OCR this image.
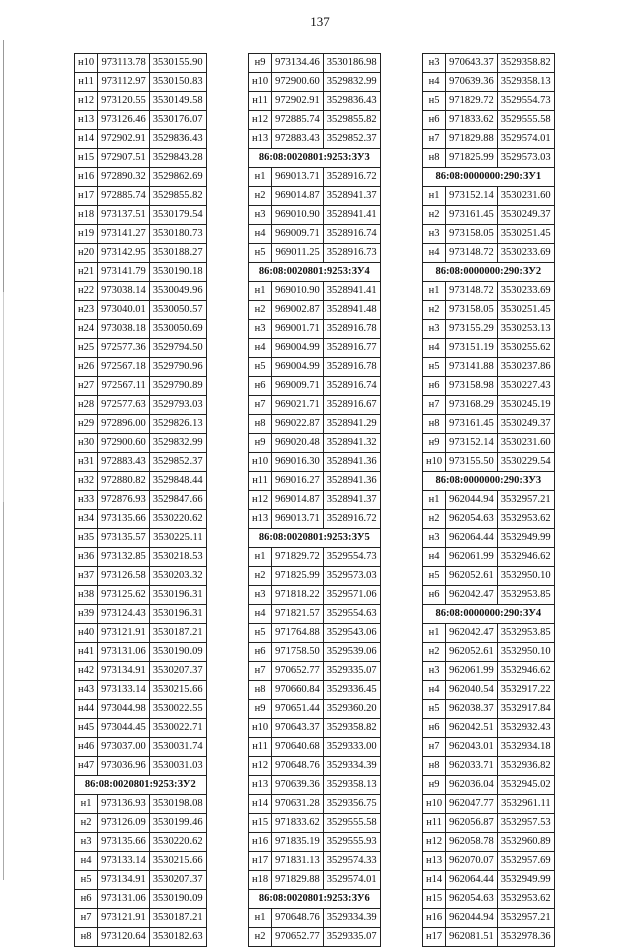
137
н10	973113.78	3530155.90
н11	973112.97	3530150.83
н12	973120.55	3530149.58
н13	973126.46	3530176.07
н14	972902.91	3529836.43
н15	972907.51	3529843.28
н16	972890.32	3529862.69
н17	972885.74	3529855.82
н18	973137.51	3530179.54
н19	973141.27	3530180.73
н20	973142.95	3530188.27
н21	973141.79	3530190.18
н22	973038.14	3530049.96
н23	973040.01	3530050.57
н24	973038.18	3530050.69
н25	972577.36	3529794.50
н26	972567.18	3529790.96
н27	972567.11	3529790.89
н28	972577.63	3529793.03
н29	972896.00	3529826.13
н30	972900.60	3529832.99
н31	972883.43	3529852.37
н32	972880.82	3529848.44
н33	972876.93	3529847.66
н34	973135.66	3530220.62
н35	973135.57	3530225.11
н36	973132.85	3530218.53
н37	973126.58	3530203.32
н38	973125.62	3530196.31
н39	973124.43	3530196.31
н40	973121.91	3530187.21
н41	973131.06	3530190.09
н42	973134.91	3530207.37
н43	973133.14	3530215.66
н44	973044.98	3530022.55
н45	973044.45	3530022.71
н46	973037.00	3530031.74
н47	973036.96	3530031.03
86:08:0020801:9253:ЗУ2		
н1	973136.93	3530198.08
н2	973126.09	3530199.46
н3	973135.66	3530220.62
н4	973133.14	3530215.66
н5	973134.91	3530207.37
н6	973131.06	3530190.09
н7	973121.91	3530187.21
н8	973120.64	3530182.63
н9	973134.46	3530186.98
н10	972900.60	3529832.99
н11	972902.91	3529836.43
н12	972885.74	3529855.82
н13	972883.43	3529852.37
86:08:0020801:9253:ЗУ3		
н1	969013.71	3528916.72
н2	969014.87	3528941.37
н3	969010.90	3528941.41
н4	969009.71	3528916.74
н5	969011.25	3528916.73
86:08:0020801:9253:ЗУ4		
н1	969010.90	3528941.41
н2	969002.87	3528941.48
н3	969001.71	3528916.78
н4	969004.99	3528916.77
н5	969004.99	3528916.78
н6	969009.71	3528916.74
н7	969021.71	3528916.67
н8	969022.87	3528941.29
н9	969020.48	3528941.32
н10	969016.30	3528941.36
н11	969016.27	3528941.36
н12	969014.87	3528941.37
н13	969013.71	3528916.72
86:08:0020801:9253:ЗУ5		
н1	971829.72	3529554.73
н2	971825.99	3529573.03
н3	971818.22	3529571.06
н4	971821.57	3529554.63
н5	971764.88	3529543.06
н6	971758.50	3529539.06
н7	970652.77	3529335.07
н8	970660.84	3529336.45
н9	970651.44	3529360.20
н10	970643.37	3529358.82
н11	970640.68	3529333.00
н12	970648.76	3529334.39
н13	970639.36	3529358.13
н14	970631.28	3529356.75
н15	971833.62	3529555.58
н16	971835.19	3529555.93
н17	971831.13	3529574.33
н18	971829.88	3529574.01
86:08:0020801:9253:ЗУ6		
н1	970648.76	3529334.39
н2	970652.77	3529335.07
н3	970643.37	3529358.82
н4	970639.36	3529358.13
н5	971829.72	3529554.73
н6	971833.62	3529555.58
н7	971829.88	3529574.01
н8	971825.99	3529573.03
86:08:0000000:290:ЗУ1		
н1	973152.14	3530231.60
н2	973161.45	3530249.37
н3	973158.05	3530251.45
н4	973148.72	3530233.69
86:08:0000000:290:ЗУ2		
н1	973148.72	3530233.69
н2	973158.05	3530251.45
н3	973155.29	3530253.13
н4	973151.19	3530255.62
н5	973141.88	3530237.86
н6	973158.98	3530227.43
н7	973168.29	3530245.19
н8	973161.45	3530249.37
н9	973152.14	3530231.60
н10	973155.50	3530229.54
86:08:0000000:290:ЗУ3		
н1	962044.94	3532957.21
н2	962054.63	3532953.62
н3	962064.44	3532949.99
н4	962061.99	3532946.62
н5	962052.61	3532950.10
н6	962042.47	3532953.85
86:08:0000000:290:ЗУ4		
н1	962042.47	3532953.85
н2	962052.61	3532950.10
н3	962061.99	3532946.62
н4	962040.54	3532917.22
н5	962038.37	3532917.84
н6	962042.51	3532932.43
н7	962043.01	3532934.18
н8	962033.71	3532936.82
н9	962036.04	3532945.02
н10	962047.77	3532961.11
н11	962056.87	3532957.53
н12	962058.78	3532960.89
н13	962070.07	3532957.69
н14	962064.44	3532949.99
н15	962054.63	3532953.62
н16	962044.94	3532957.21
н17	962081.51	3532978.36
